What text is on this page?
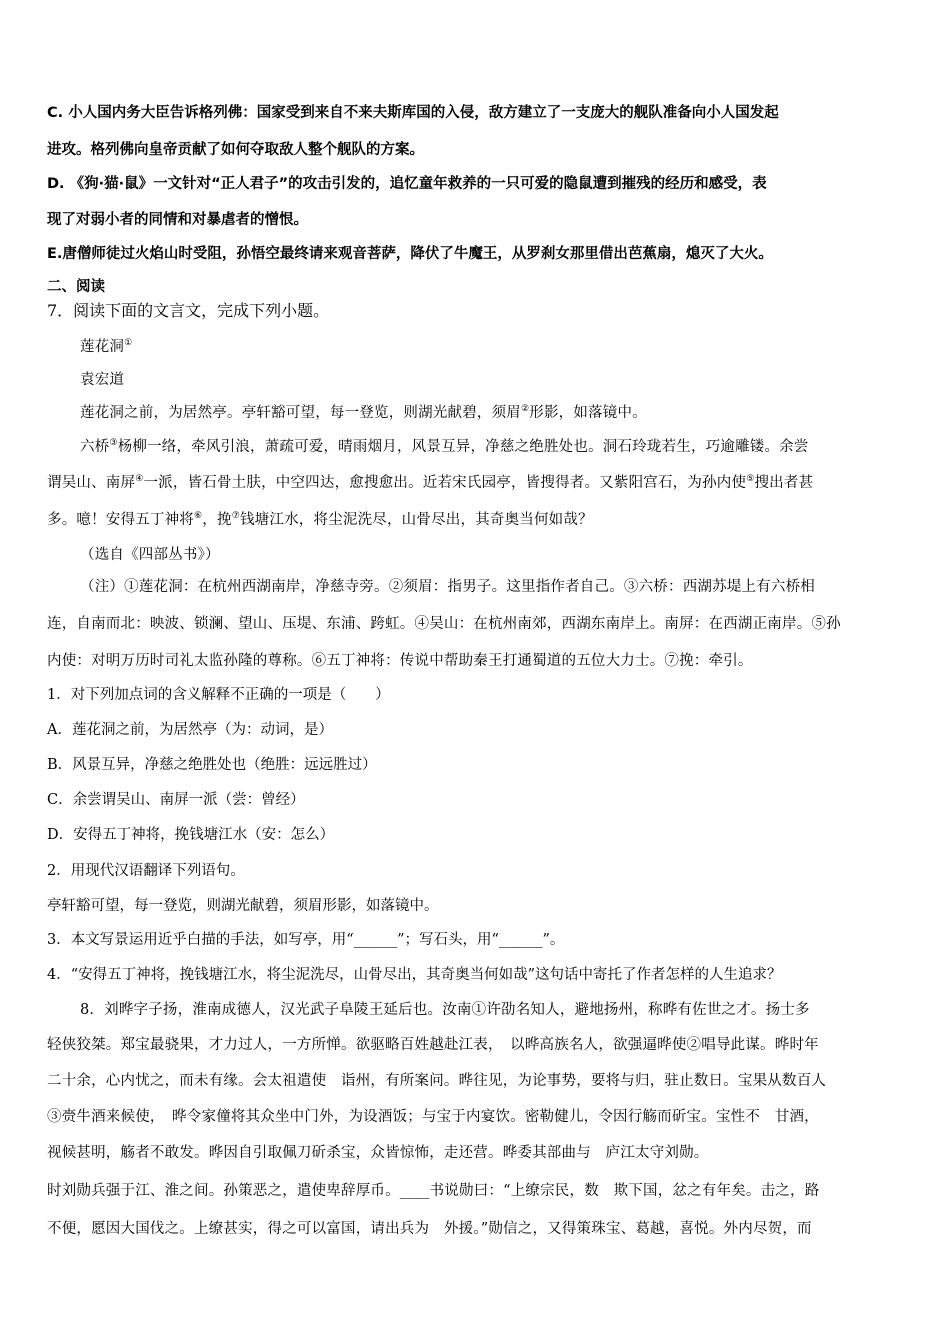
C. 小人国内务大臣告诉格列佛：国家受到来自不来夫斯库国的入侵，敌方建立了一支庞大的舰队准备向小人国发起
进攻。格列佛向皇帝贡献了如何夺取敌人整个舰队的方案。
D. 《狗·猫·鼠》一文针对“正人君子”的攻击引发的，追忆童年救养的一只可爱的隐鼠遭到摧残的经历和感受，表
现了对弱小者的同情和对暴虐者的憎恨。
E.唐僧师徒过火焰山时受阻，孙悟空最终请来观音菩萨，降伏了牛魔王，从罗刹女那里借出芭蕉扇，熄灭了大火。
二、阅读
7．阅读下面的文言文，完成下列小题。
莲花洞①
袁宏道
莲花洞之前，为居然亭。亭轩豁可望，每一登览，则湖光献碧，须眉②形影，如落镜中。
六桥③杨柳一络，牵风引浪，萧疏可爱，晴雨烟月，风景互异，净慈之绝胜处也。洞石玲珑若生，巧逾雕镂。余尝
谓吴山、南屏④一派，皆石骨土肤，中空四达，愈搜愈出。近若宋氏园亭，皆搜得者。又紫阳宫石，为孙内使⑤搜出者甚
多。噫！安得五丁神将⑥，挽⑦钱塘江水，将尘泥洗尽，山骨尽出，其奇奥当何如哉？
（选自《四部丛书》）
（注）①莲花洞：在杭州西湖南岸，净慈寺旁。②须眉：指男子。这里指作者自己。③六桥：西湖苏堤上有六桥相
连，自南而北：映波、锁澜、望山、压堤、东浦、跨虹。④吴山：在杭州南郊，西湖东南岸上。南屏：在西湖正南岸。⑤孙
内使：对明万历时司礼太监孙隆的尊称。⑥五丁神将：传说中帮助秦王打通蜀道的五位大力士。⑦挽：牵引。
1．对下列加点词的含义解释不正确的一项是（　　）
A．莲花洞之前，为居然亭（为：动词，是）
B．风景互异，净慈之绝胜处也（绝胜：远远胜过）
C．余尝谓吴山、南屏一派（尝：曾经）
D．安得五丁神将，挽钱塘江水（安：怎么）
2．用现代汉语翻译下列语句。
亭轩豁可望，每一登览，则湖光献碧，须眉形影，如落镜中。
3．本文写景运用近乎白描的手法，如写亭，用“______”；写石头，用“______”。
4．“安得五丁神将，挽钱塘江水，将尘泥洗尽，山骨尽出，其奇奥当何如哉”这句话中寄托了作者怎样的人生追求？
8．刘晔字子扬，淮南成德人，汉光武子阜陵王延后也。汝南①许劭名知人，避地扬州，称晔有佐世之才。扬士多
轻侠狡桀。郑宝最骁果，才力过人，一方所惮。欲驱略百姓越赴江表，　以晔高族名人，欲强逼晔使②唱导此谋。晔时年
二十余，心内忧之，而未有缘。会太祖遣使　诣州，有所案问。晔往见，为论事势，要将与归，驻止数日。宝果从数百人
③赍牛酒来候使，　晔令家僮将其众坐中门外，为设酒饭；与宝于内宴饮。密勒健儿，令因行觞而斫宝。宝性不　甘酒，
视候甚明，觞者不敢发。晔因自引取佩刀斫杀宝，众皆惊怖，走还营。晔委其部曲与　庐江太守刘勋。
时刘勋兵强于江、淮之间。孙策恶之，遣使卑辞厚币。____书说勋曰：“上缭宗民，数　欺下国，忿之有年矣。击之，路
不便，愿因大国伐之。上缭甚实，得之可以富国，请出兵为　外援。”勋信之，又得策珠宝、葛越，喜悦。外内尽贺，而
